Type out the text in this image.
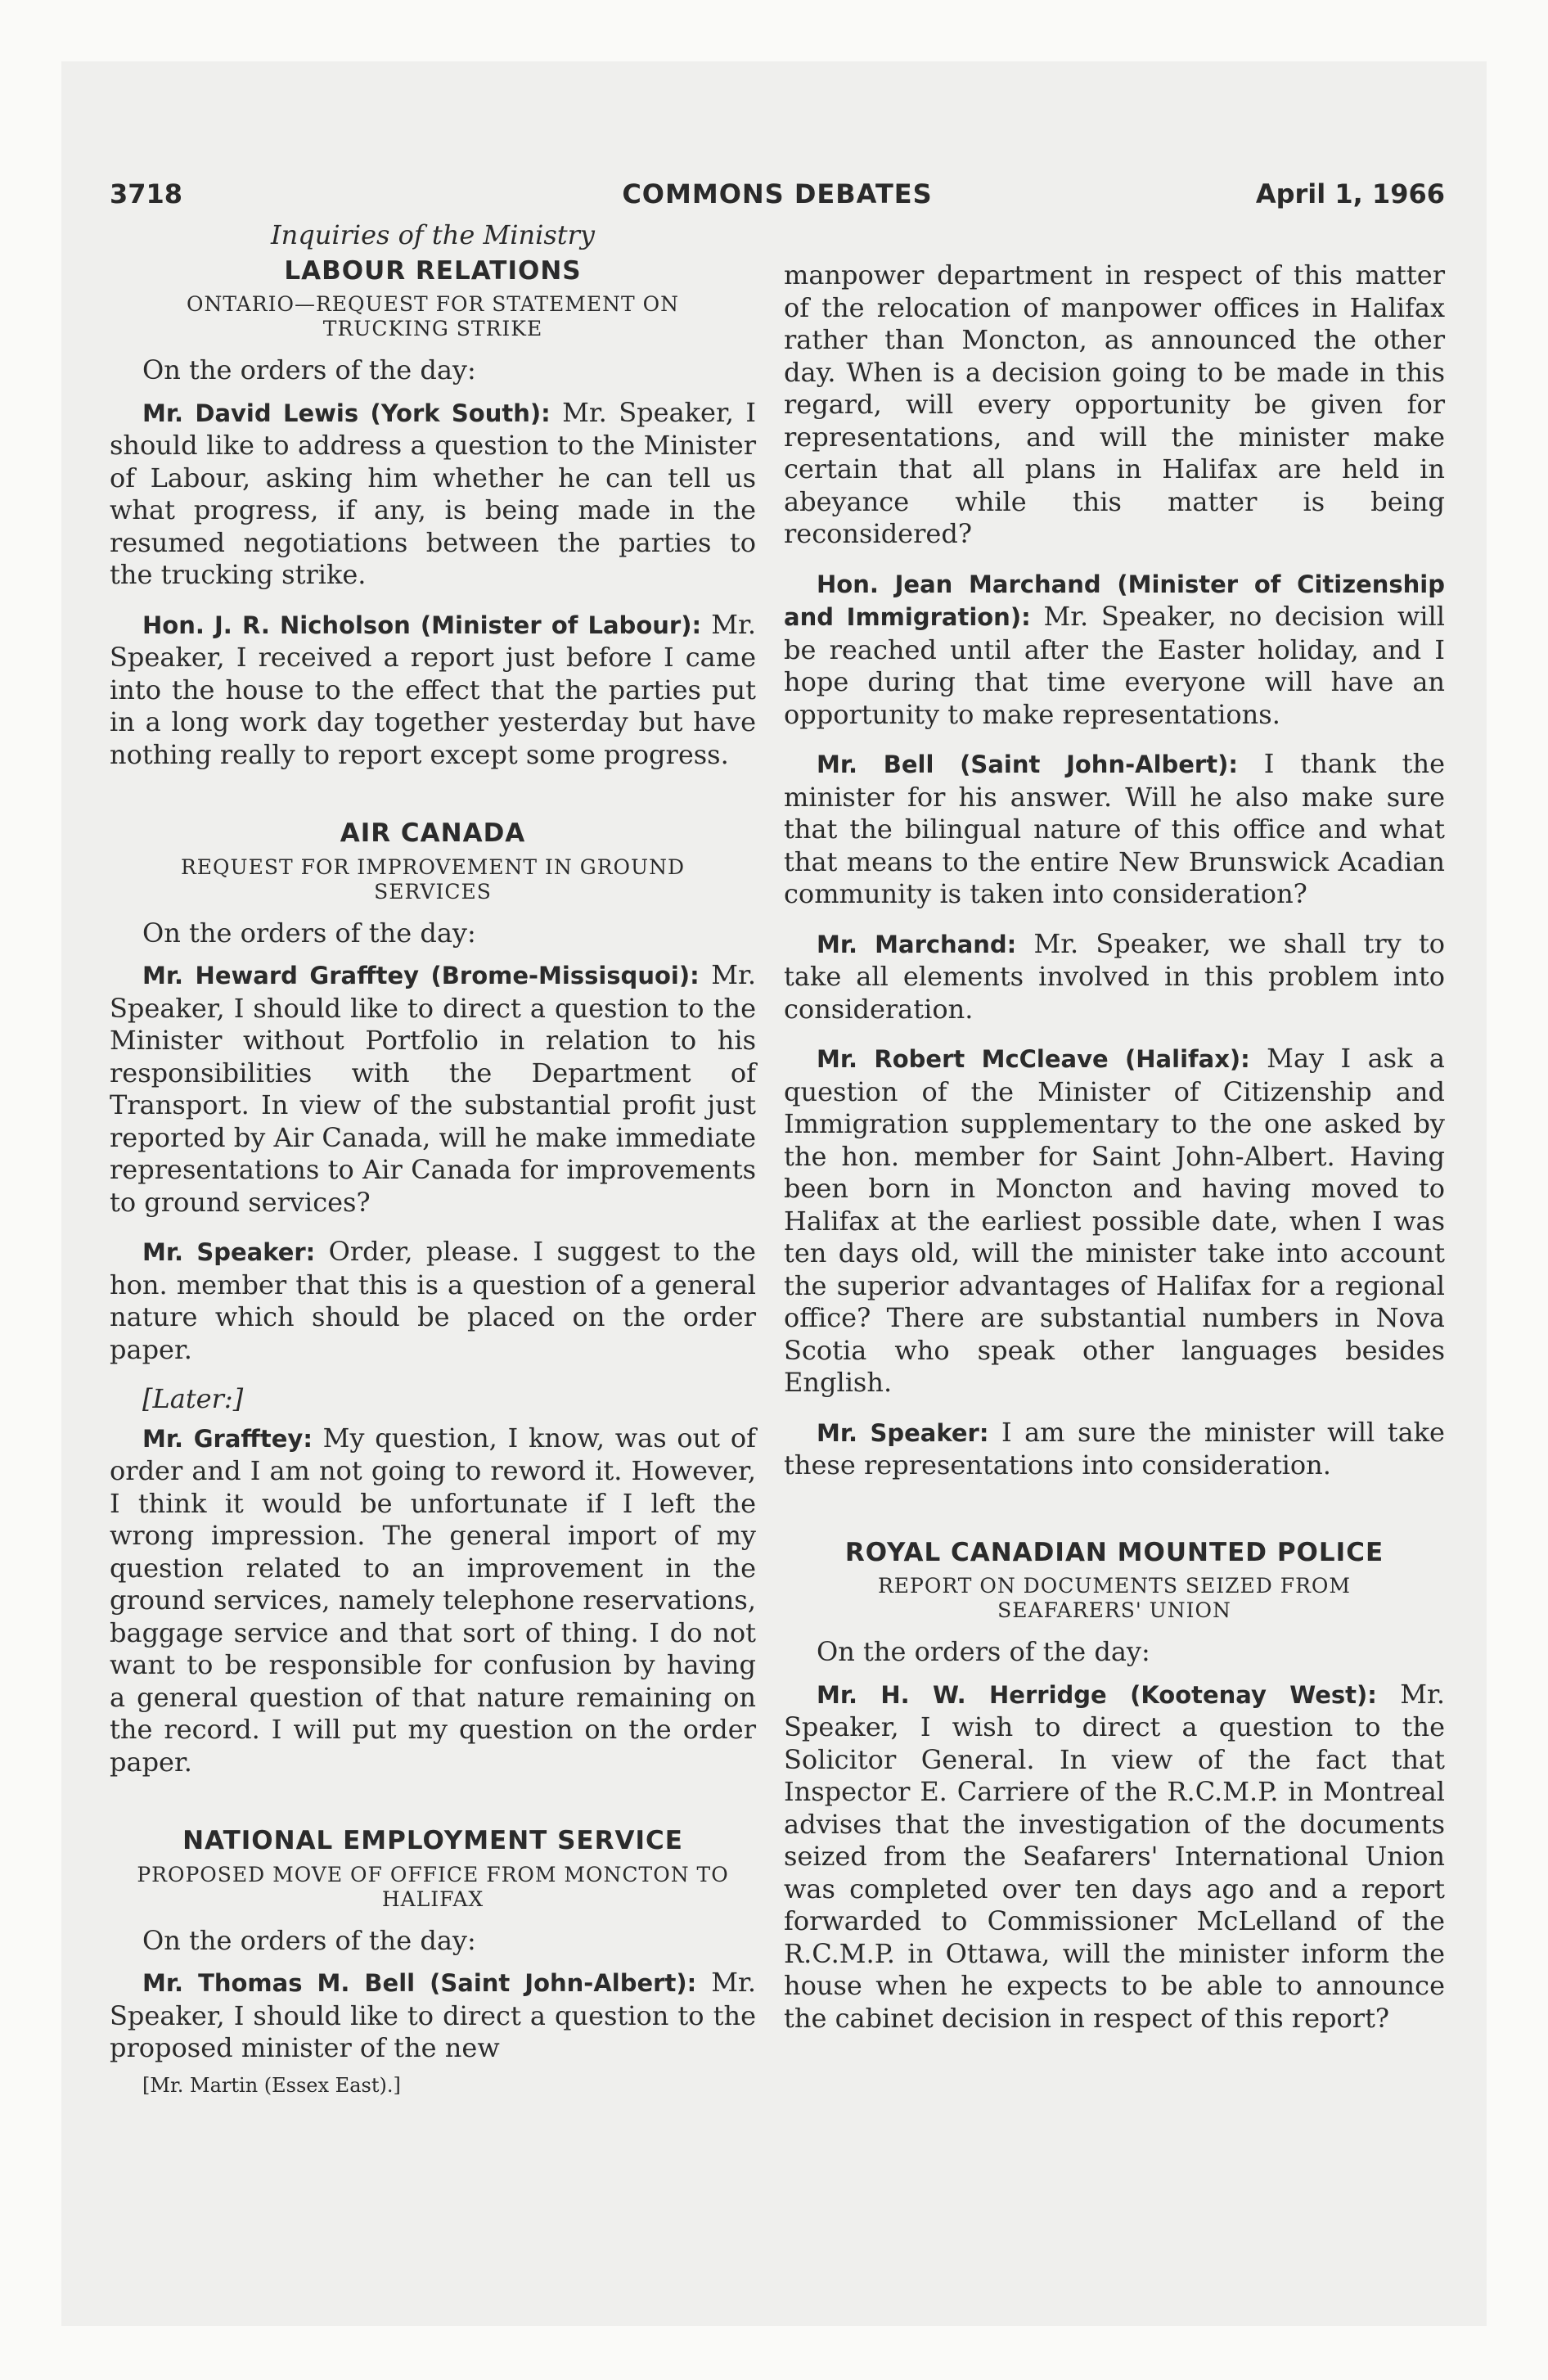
3718	COMMONS DEBATES	April 1, 1966

Inquiries of the Ministry

LABOUR RELATIONS

ONTARIO—REQUEST FOR STATEMENT ON TRUCKING STRIKE

On the orders of the day:

Mr. David Lewis (York South): Mr. Speaker, I should like to address a question to the Minister of Labour, asking him whether he can tell us what progress, if any, is being made in the resumed negotiations between the parties to the trucking strike.

Hon. J. R. Nicholson (Minister of Labour): Mr. Speaker, I received a report just before I came into the house to the effect that the parties put in a long work day together yesterday but have nothing really to report except some progress.

AIR CANADA

REQUEST FOR IMPROVEMENT IN GROUND SERVICES

On the orders of the day:

Mr. Heward Grafftey (Brome-Missisquoi): Mr. Speaker, I should like to direct a question to the Minister without Portfolio in relation to his responsibilities with the Department of Transport. In view of the substantial profit just reported by Air Canada, will he make immediate representations to Air Canada for improvements to ground services?

Mr. Speaker: Order, please. I suggest to the hon. member that this is a question of a general nature which should be placed on the order paper.

[Later:]

Mr. Grafftey: My question, I know, was out of order and I am not going to reword it. However, I think it would be unfortunate if I left the wrong impression. The general import of my question related to an improvement in the ground services, namely telephone reservations, baggage service and that sort of thing. I do not want to be responsible for confusion by having a general question of that nature remaining on the record. I will put my question on the order paper.

NATIONAL EMPLOYMENT SERVICE

PROPOSED MOVE OF OFFICE FROM MONCTON TO HALIFAX

On the orders of the day:

Mr. Thomas M. Bell (Saint John-Albert): Mr. Speaker, I should like to direct a question to the proposed minister of the new

[Mr. Martin (Essex East).]

manpower department in respect of this matter of the relocation of manpower offices in Halifax rather than Moncton, as announced the other day. When is a decision going to be made in this regard, will every opportunity be given for representations, and will the minister make certain that all plans in Halifax are held in abeyance while this matter is being reconsidered?

Hon. Jean Marchand (Minister of Citizenship and Immigration): Mr. Speaker, no decision will be reached until after the Easter holiday, and I hope during that time everyone will have an opportunity to make representations.

Mr. Bell (Saint John-Albert): I thank the minister for his answer. Will he also make sure that the bilingual nature of this office and what that means to the entire New Brunswick Acadian community is taken into consideration?

Mr. Marchand: Mr. Speaker, we shall try to take all elements involved in this problem into consideration.

Mr. Robert McCleave (Halifax): May I ask a question of the Minister of Citizenship and Immigration supplementary to the one asked by the hon. member for Saint John-Albert. Having been born in Moncton and having moved to Halifax at the earliest possible date, when I was ten days old, will the minister take into account the superior advantages of Halifax for a regional office? There are substantial numbers in Nova Scotia who speak other languages besides English.

Mr. Speaker: I am sure the minister will take these representations into consideration.

ROYAL CANADIAN MOUNTED POLICE

REPORT ON DOCUMENTS SEIZED FROM SEAFARERS' UNION

On the orders of the day:

Mr. H. W. Herridge (Kootenay West): Mr. Speaker, I wish to direct a question to the Solicitor General. In view of the fact that Inspector E. Carriere of the R.C.M.P. in Montreal advises that the investigation of the documents seized from the Seafarers' International Union was completed over ten days ago and a report forwarded to Commissioner McLelland of the R.C.M.P. in Ottawa, will the minister inform the house when he expects to be able to announce the cabinet decision in respect of this report?
